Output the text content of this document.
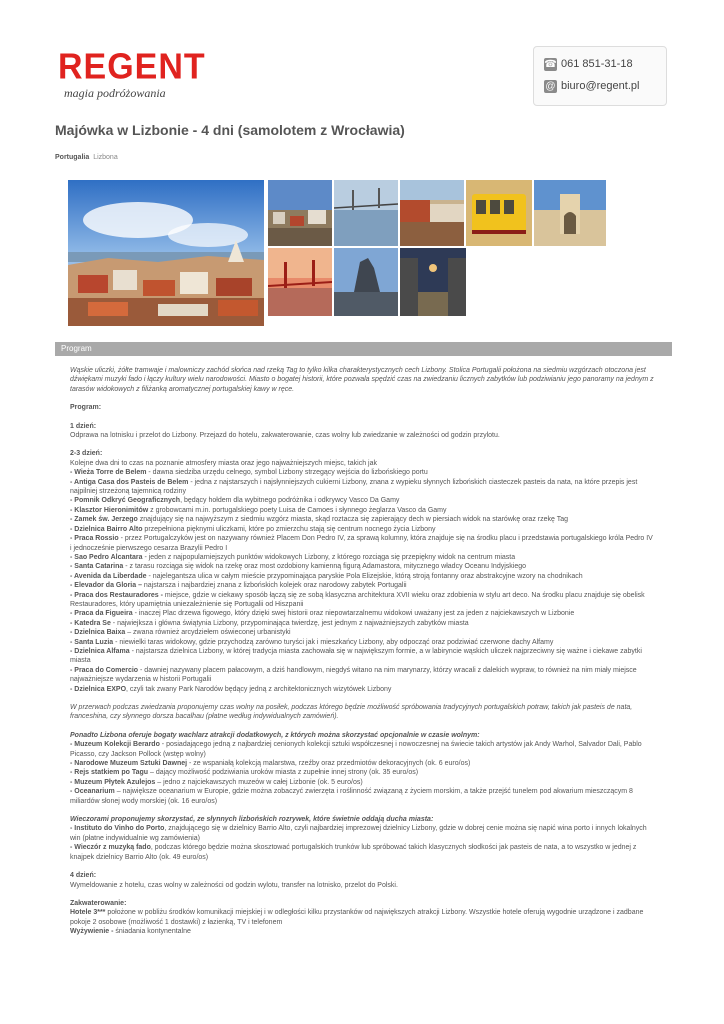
REGENT
magia podróżowania
☎ 061 851-31-18
@ biuro@regent.pl
Majówka w Lizbonie - 4 dni (samolotem z Wrocławia)
Portugalia Lizbona
Program

Wąskie uliczki, żółte tramwaje i malowniczy zachód słońca nad rzeką Tag to tylko kilka charakterystycznych cech Lizbony. Stolica Portugalii położona na siedmiu wzgórzach otoczona jest dźwiękami muzyki fado i łączy kultury wielu narodowości. Miasto o bogatej historii, które pozwala spędzić czas na zwiedzaniu licznych zabytków lub podziwianiu jego panoramy na jednym z tarasów widokowych z filiżanką aromatycznej portugalskiej kawy w ręce.

Program:

1 dzień:

Odprawa na lotnisku i przelot do Lizbony. Przejazd do hotelu, zakwaterowanie, czas wolny lub zwiedzanie w zależności od godzin przylotu.

2-3 dzień:

Kolejne dwa dni to czas na poznanie atmosfery miasta oraz jego najważniejszych miejsc, takich jak

- Wieża Torre de Belem - dawna siedziba urzędu celnego, symbol Lizbony strzegący wejścia do lizbońskiego portu

- Antiga Casa dos Pasteis de Belem - jedna z najstarszych i najsłynniejszych cukierni Lizbony, znana z wypieku słynnych lizbońskich ciasteczek pasteis da nata, na które przepis jest najpilniej strzeżoną tajemnicą rodziny

- Pomnik Odkryć Geograficznych, będący hołdem dla wybitnego podróżnika i odkrywcy Vasco Da Gamy

- Klasztor Hieronimitów z grobowcami m.in. portugalskiego poety Luisa de Camoes i słynnego żeglarza Vasco da Gamy

- Zamek św. Jerzego znajdujący się na najwyższym z siedmiu wzgórz miasta, skąd roztacza się zapierający dech w piersiach widok na starówkę oraz rzekę Tag

- Dzielnica Bairro Alto przepełniona pięknymi uliczkami, które po zmierzchu stają się centrum nocnego życia Lizbony

- Praca Rossio - przez Portugalczyków jest on nazywany również Placem Don Pedro IV, za sprawą kolumny, która znajduje się na środku placu i przedstawia portugalskiego króla Pedro IV i jednocześnie pierwszego cesarza Brazylii Pedro I

- Sao Pedro Alcantara - jeden z najpopularniejszych punktów widokowych Lizbony, z którego rozciąga się przepiękny widok na centrum miasta

- Santa Catarina - z tarasu rozciąga się widok na rzekę oraz most ozdobiony kamienną figurą Adamastora, mitycznego władcy Oceanu Indyjskiego

- Avenida da Liberdade - najelegantsza ulica w całym mieście przypominająca paryskie Pola Elizejskie, którą stroją fontanny oraz abstrakcyjne wzory na chodnikach

- Elevador da Gloria – najstarsza i najbardziej znana z lizbońskich kolejek oraz narodowy zabytek Portugalii

- Praca dos Restauradores - miejsce, gdzie w ciekawy sposób łączą się ze sobą klasyczna architektura XVII wieku oraz zdobienia w stylu art deco. Na środku placu znajduje się obelisk Restauradores, który upamiętnia uniezależnienie się Portugalii od Hiszpanii

- Praca da Figueira - inaczej Plac drzewa figowego, który dzięki swej historii oraz niepowtarzalnemu widokowi uważany jest za jeden z najciekawszych w Lizbonie

- Katedra Se - najwiejksza i główna świątynia Lizbony, przypominająca twierdzę, jest jednym z najważniejszych zabytków miasta

- Dzielnica Baixa – zwana również arcydziełem oświeconej urbanistyki

- Santa Luzia - niewielki taras widokowy, gdzie przychodzą zarówno turyści jak i mieszkańcy Lizbony, aby odpocząć oraz podziwiać czerwone dachy Alfamy

- Dzielnica Alfama - najstarsza dzielnica Lizbony, w której tradycja miasta zachowała się w największym formie, a w labiryncie wąskich uliczek najprzeciwny się ważne i ciekawe zabytki miasta

- Praca do Comercio - dawniej nazywany placem pałacowym, a dziś handlowym, niegdyś witano na nim marynarzy, którzy wracali z dalekich wypraw, to również na nim miały miejsce najważniejsze wydarzenia w historii Portugalii

- Dzielnica EXPO, czyli tak zwany Park Narodów będący jedną z architektonicznych wizytówek Lizbony

W przerwach podczas zwiedzania proponujemy czas wolny na posiłek, podczas którego będzie możliwość spróbowania tradycyjnych portugalskich potraw, takich jak pasteis de nata, franceshina, czy słynnego dorsza bacalhau (płatne według indywidualnych zamówień).

Ponadto Lizbona oferuje bogaty wachlarz atrakcji dodatkowych, z których można skorzystać opcjonalnie w czasie wolnym:

- Muzeum Kolekcji Berardo - posiadającego jedną z najbardziej cenionych kolekcji sztuki współczesnej i nowoczesnej na świecie takich artystów jak Andy Warhol, Salvador Dali, Pablo Picasso, czy Jackson Pollock (wstęp wolny)

- Narodowe Muzeum Sztuki Dawnej - ze wspaniałą kolekcją malarstwa, rzeźby oraz przedmiotów dekoracyjnych (ok. 6 euro/os)

- Rejs statkiem po Tagu – dający możliwość podziwiania uroków miasta z zupełnie innej strony (ok. 35 euro/os)

- Muzeum Płytek Azulejos – jedno z najciekawszych muzeów w całej Lizbonie (ok. 5 euro/os)

- Oceanarium – największe oceanarium w Europie, gdzie można zobaczyć zwierzęta i roślinność związaną z życiem morskim, a także przejść tunelem pod akwarium mieszczącym 8 miliardów słonej wody morskiej (ok. 16 euro/os)

Wieczorami proponujemy skorzystać, ze słynnych lizbońskich rozrywek, które świetnie oddają ducha miasta:

- Instituto do Vinho do Porto, znajdującego się w dzielnicy Barrio Alto, czyli najbardziej imprezowej dzielnicy Lizbony, gdzie w dobrej cenie można się napić wina porto i innych lokalnych win (płatne indywidualnie wg zamówienia)

- Wieczór z muzyką fado, podczas którego będzie można skosztować portugalskich trunków lub spróbować takich klasycznych słodkości jak pasteis de nata, a to wszystko w jednej z knajpek dzielnicy Barrio Alto (ok. 49 euro/os)

4 dzień:

Wymeldowanie z hotelu, czas wolny w zależności od godzin wylotu, transfer na lotnisko, przelot do Polski.

Zakwaterowanie:

Hotele 3*** położone w pobliżu środków komunikacji miejskiej i w odległości kilku przystanków od największych atrakcji Lizbony. Wszystkie hotele oferują wygodnie urządzone i zadbane pokoje 2 osobowe (możliwość 1 dostawki) z łazienką, TV i telefonem

Wyżywienie - śniadania kontynentalne
